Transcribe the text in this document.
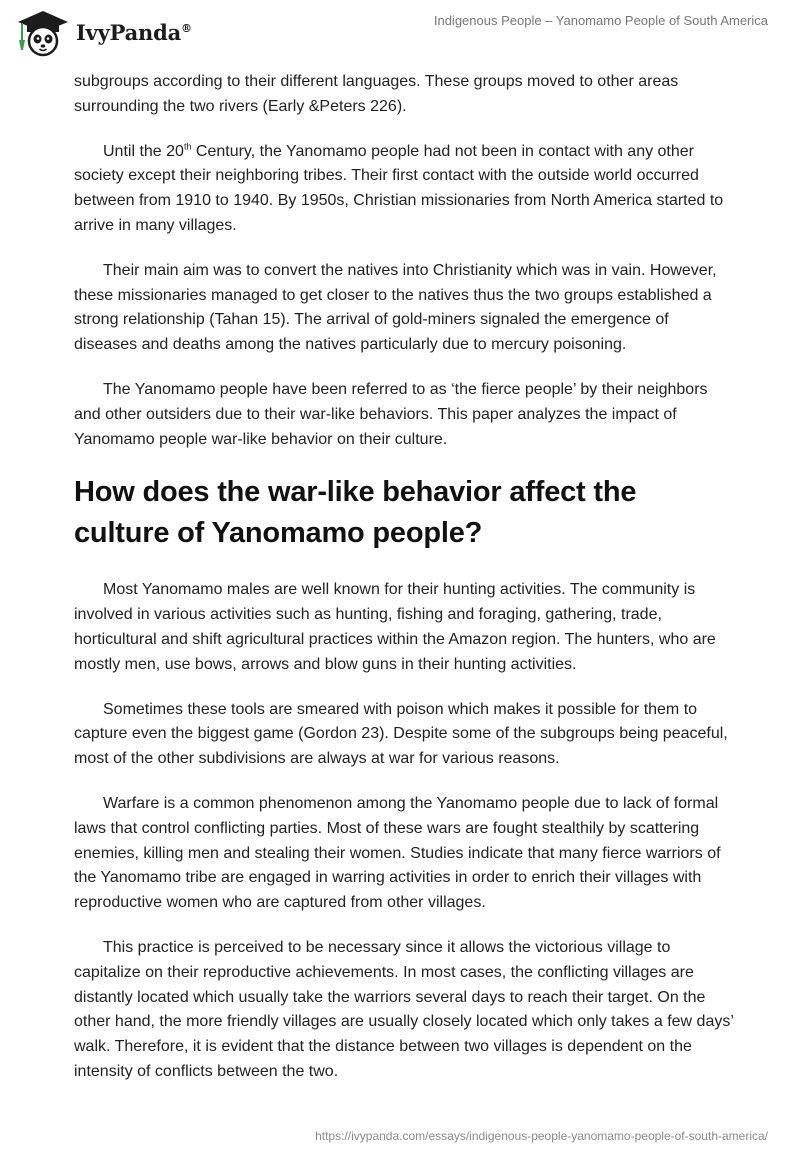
IvyPanda®	Indigenous People – Yanomamo People of South America

subgroups according to their different languages. These groups moved to other areas surrounding the two rivers (Early &Peters 226).

Until the 20th Century, the Yanomamo people had not been in contact with any other society except their neighboring tribes. Their first contact with the outside world occurred between from 1910 to 1940. By 1950s, Christian missionaries from North America started to arrive in many villages.

Their main aim was to convert the natives into Christianity which was in vain. However, these missionaries managed to get closer to the natives thus the two groups established a strong relationship (Tahan 15). The arrival of gold-miners signaled the emergence of diseases and deaths among the natives particularly due to mercury poisoning.

The Yanomamo people have been referred to as ‘the fierce people’ by their neighbors and other outsiders due to their war-like behaviors. This paper analyzes the impact of Yanomamo people war-like behavior on their culture.

How does the war-like behavior affect the culture of Yanomamo people?

Most Yanomamo males are well known for their hunting activities. The community is involved in various activities such as hunting, fishing and foraging, gathering, trade, horticultural and shift agricultural practices within the Amazon region. The hunters, who are mostly men, use bows, arrows and blow guns in their hunting activities.

Sometimes these tools are smeared with poison which makes it possible for them to capture even the biggest game (Gordon 23). Despite some of the subgroups being peaceful, most of the other subdivisions are always at war for various reasons.

Warfare is a common phenomenon among the Yanomamo people due to lack of formal laws that control conflicting parties. Most of these wars are fought stealthily by scattering enemies, killing men and stealing their women. Studies indicate that many fierce warriors of the Yanomamo tribe are engaged in warring activities in order to enrich their villages with reproductive women who are captured from other villages.

This practice is perceived to be necessary since it allows the victorious village to capitalize on their reproductive achievements. In most cases, the conflicting villages are distantly located which usually take the warriors several days to reach their target. On the other hand, the more friendly villages are usually closely located which only takes a few days’ walk. Therefore, it is evident that the distance between two villages is dependent on the intensity of conflicts between the two.

https://ivypanda.com/essays/indigenous-people-yanomamo-people-of-south-america/
